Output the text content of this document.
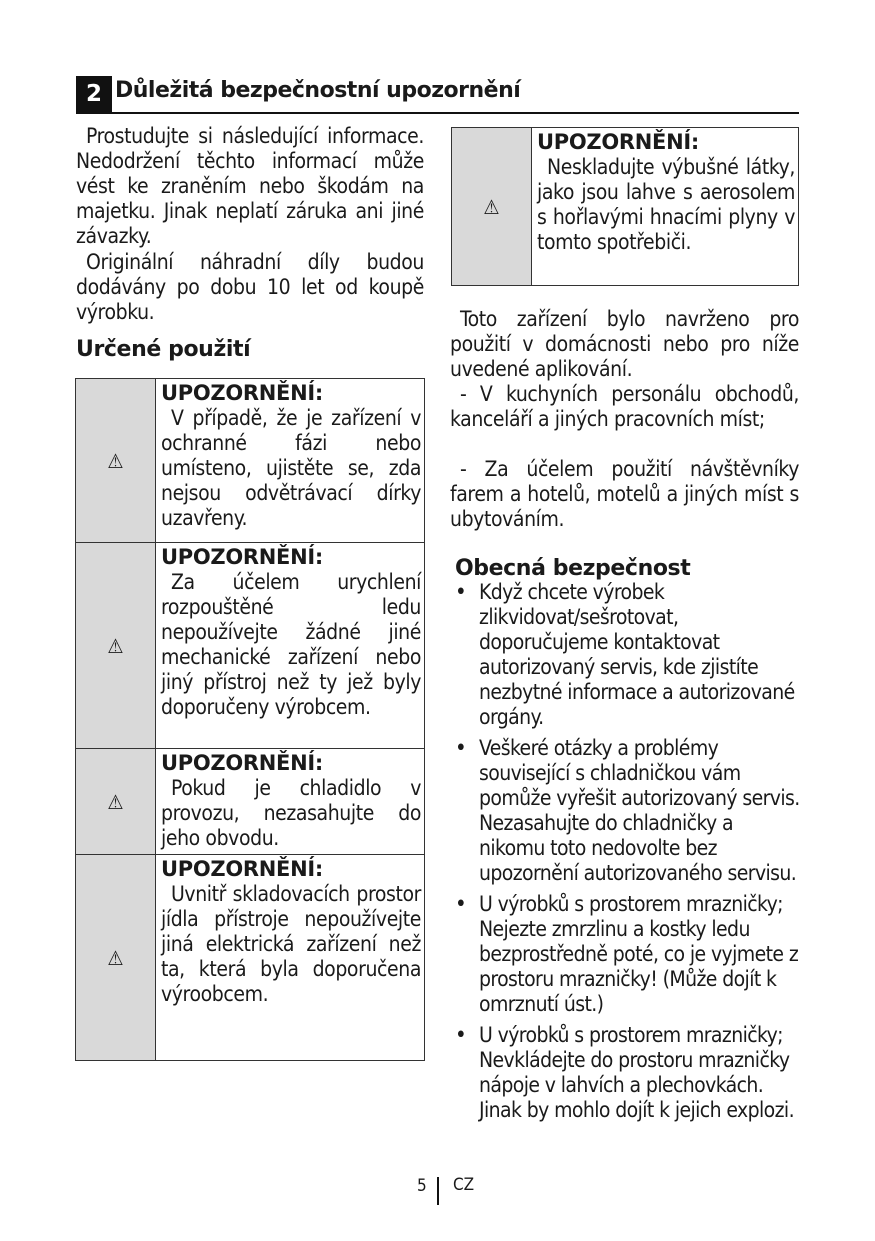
2 Důležitá bezpečnostní upozornění

Prostudujte si následující informace. Nedodržení těchto informací může vést ke zraněním nebo škodám na majetku. Jinak neplatí záruka ani jiné závazky.

Originální náhradní díly budou dodávány po dobu 10 let od koupě výrobku.

Určené použití
⚠	UPOZORNĚNÍ:
V případě, že je zařízení v ochranné fázi nebo umísteno, ujistěte se, zda nejsou odvětrávací dírky uzavřeny.

⚠	UPOZORNĚNÍ:
Za účelem urychlení rozpouštěné ledu nepoužívejte žádné jiné mechanické zařízení nebo jiný přístroj než ty jež byly doporučeny výrobcem.

⚠	UPOZORNĚNÍ:
Pokud je chladidlo v provozu, nezasahujte do jeho obvodu.

⚠	UPOZORNĚNÍ:
Uvnitř skladovacích prostor jídla přístroje nepoužívejte jiná elektrická zařízení než ta, která byla doporučena výroobcem.
⚠	
UPOZORNĚNÍ:
Neskladujte výbušné látky, jako jsou lahve s aerosolem s hořlavými hnacími plyny v tomto spotřebiči.

Toto zařízení bylo navrženo pro použití v domácnosti nebo pro níže uvedené aplikování.

- V kuchyních personálu obchodů, kanceláří a jiných pracovních míst;

- Za účelem použití návštěvníky farem a hotelů, motelů a jiných míst s ubytováním.

Obecná bezpečnost
• Když chcete výrobek zlikvidovat/sešrotovat, doporučujeme kontaktovat autorizovaný servis, kde zjistíte nezbytné informace a autorizované orgány.
• Veškeré otázky a problémy související s chladničkou vám pomůže vyřešit autorizovaný servis. Nezasahujte do chladničky a nikomu toto nedovolte bez upozornění autorizovaného servisu.
• U výrobků s prostorem mrazničky; Nejezte zmrzlinu a kostky ledu bezprostředně poté, co je vyjmete z prostoru mrazničky! (Může dojít k omrznutí úst.)
• U výrobků s prostorem mrazničky; Nevkládejte do prostoru mrazničky nápoje v lahvích a plechovkách. Jinak by mohlo dojít k jejich explozi.
5 CZ
